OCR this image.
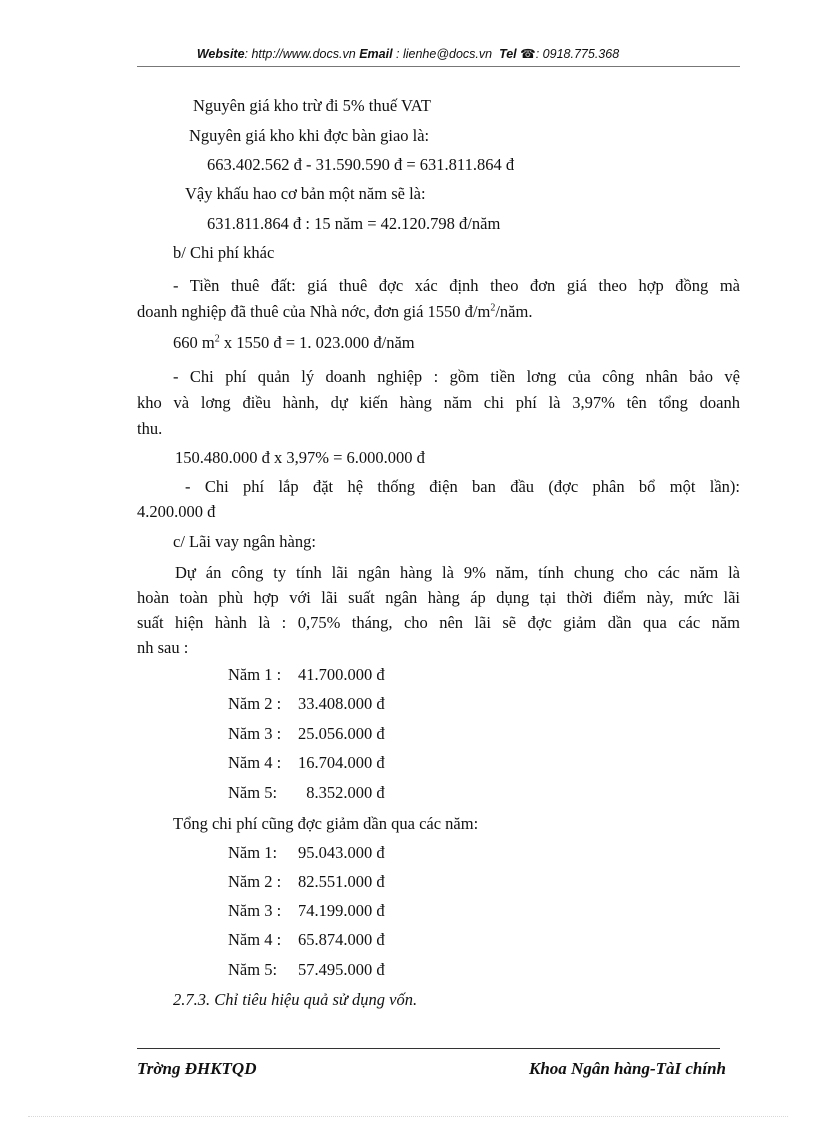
Website: http://www.docs.vn Email : lienhe@docs.vn Tel ☎: 0918.775.368
Nguyên giá kho trừ đi 5% thuế VAT
Nguyên giá kho khi đợc bàn giao là:
663.402.562 đ - 31.590.590 đ = 631.811.864 đ
Vậy khấu hao cơ bản một năm sẽ là:
631.811.864 đ : 15 năm = 42.120.798 đ/năm
b/ Chi phí khác
- Tiền thuê đất: giá thuê đợc xác định theo đơn giá theo hợp đồng mà
doanh nghiệp đã thuê của Nhà nớc, đơn giá 1550 $đ/m^2$/năm.
660 $m^2$ x 1550 đ = 1. 023.000 đ/năm
- Chi phí quản lý doanh nghiệp : gồm tiền lơng của công nhân bảo vệ
kho và lơng điều hành, dự kiến hàng năm chi phí là 3,97% tên tổng doanh
thu.
150.480.000 đ x 3,97% = 6.000.000 đ
- Chi phí lắp đặt hệ thống điện ban đầu (đợc phân bổ một lần):
4.200.000 đ
c/ Lãi vay ngân hàng:
Dự án công ty tính lãi ngân hàng là 9% năm, tính chung cho các năm là
hoàn toàn phù hợp với lãi suất ngân hàng áp dụng tại thời điểm này, mức lãi
suất hiện hành là : 0,75% tháng, cho nên lãi sẽ đợc giảm dần qua các năm
nh sau :
Năm 1 : 41.700.000 đ
Năm 2 : 33.408.000 đ
Năm 3 : 25.056.000 đ
Năm 4 : 16.704.000 đ
Năm 5:  8.352.000 đ
Tổng chi phí cũng đợc giảm dần qua các năm:
Năm 1: 95.043.000 đ
Năm 2 : 82.551.000 đ
Năm 3 : 74.199.000 đ
Năm 4 : 65.874.000 đ
Năm 5: 57.495.000 đ
2.7.3. Chỉ tiêu hiệu quả sử dụng vốn.
Trờng ĐHKTQD	Khoa Ngân hàng-TàI chính
